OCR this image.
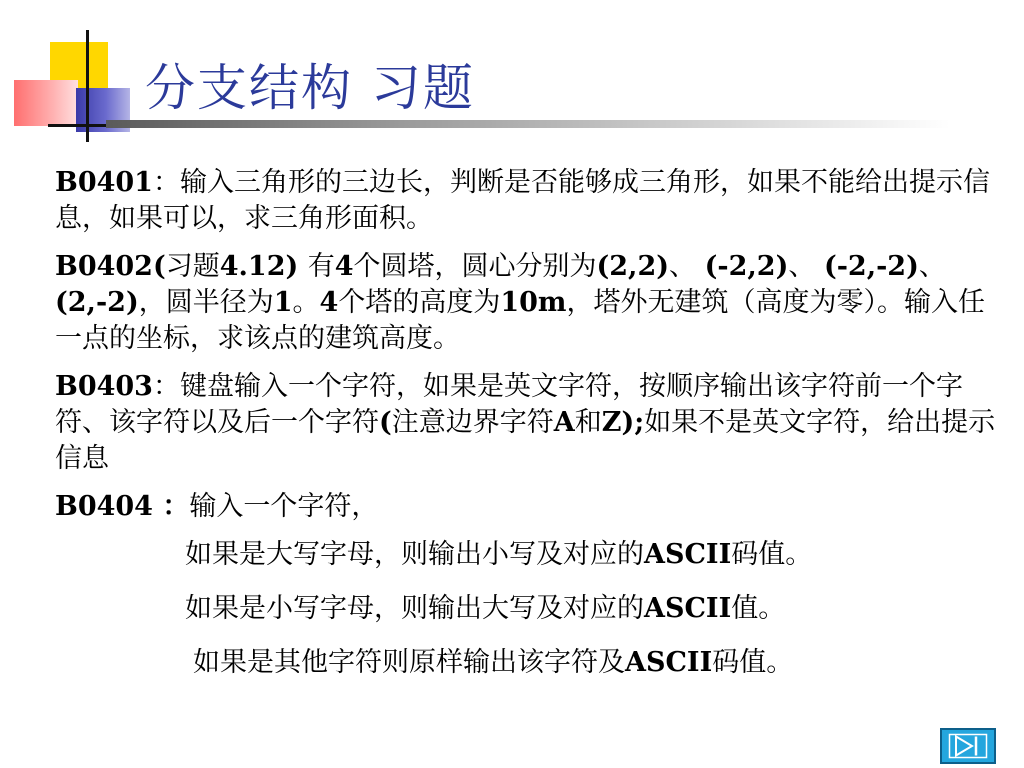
分支结构 习题

B0401：输入三角形的三边长，判断是否能够成三角形，如果不能给出提示信息，如果可以，求三角形面积。

B0402(习题4.12) 有4个圆塔，圆心分别为(2,2)、 (-2,2)、 (-2,-2)、(2,-2)，圆半径为1。4个塔的高度为10m，塔外无建筑（高度为零）。输入任一点的坐标，求该点的建筑高度。

B0403：键盘输入一个字符，如果是英文字符，按顺序输出该字符前一个字符、该字符以及后一个字符(注意边界字符A和Z);如果不是英文字符，给出提示信息

B0404 ：输入一个字符，

如果是大写字母，则输出小写及对应的ASCII码值。

如果是小写字母，则输出大写及对应的ASCII值。

如果是其他字符则原样输出该字符及ASCII码值。
